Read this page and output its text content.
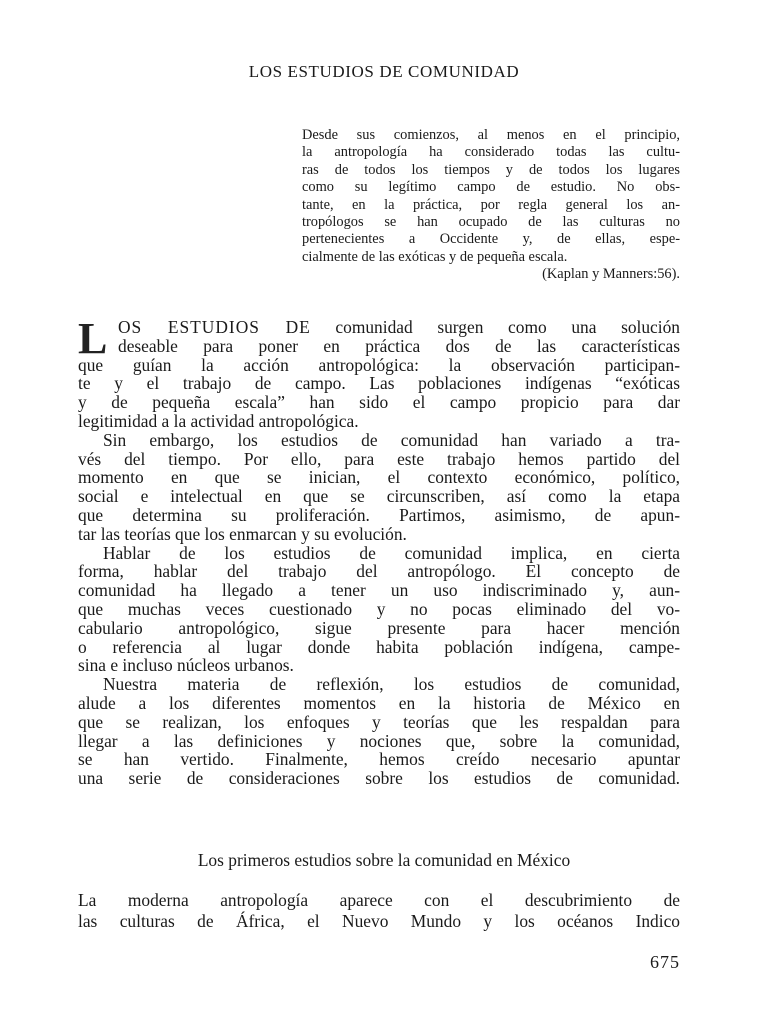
LOS ESTUDIOS DE COMUNIDAD
Desde sus comienzos, al menos en el principio,
la antropología ha considerado todas las cultu-
ras de todos los tiempos y de todos los lugares
como su legítimo campo de estudio. No obs-
tante, en la práctica, por regla general los an-
tropólogos se han ocupado de las culturas no
pertenecientes a Occidente y, de ellas, espe-
cialmente de las exóticas y de pequeña escala.
(Kaplan y Manners:56).
L OS ESTUDIOS DE comunidad surgen como una solución
deseable para poner en práctica dos de las características
que guían la acción antropológica: la observación participan-
te y el trabajo de campo. Las poblaciones indígenas “exóticas
y de pequeña escala” han sido el campo propicio para dar
legitimidad a la actividad antropológica.
Sin embargo, los estudios de comunidad han variado a tra-
vés del tiempo. Por ello, para este trabajo hemos partido del
momento en que se inician, el contexto económico, político,
social e intelectual en que se circunscriben, así como la etapa
que determina su proliferación. Partimos, asimismo, de apun-
tar las teorías que los enmarcan y su evolución.
Hablar de los estudios de comunidad implica, en cierta
forma, hablar del trabajo del antropólogo. El concepto de
comunidad ha llegado a tener un uso indiscriminado y, aun-
que muchas veces cuestionado y no pocas eliminado del vo-
cabulario antropológico, sigue presente para hacer mención
o referencia al lugar donde habita población indígena, campe-
sina e incluso núcleos urbanos.
Nuestra materia de reflexión, los estudios de comunidad,
alude a los diferentes momentos en la historia de México en
que se realizan, los enfoques y teorías que les respaldan para
llegar a las definiciones y nociones que, sobre la comunidad,
se han vertido. Finalmente, hemos creído necesario apuntar
una serie de consideraciones sobre los estudios de comunidad.
Los primeros estudios sobre la comunidad en México
La moderna antropología aparece con el descubrimiento de
las culturas de África, el Nuevo Mundo y los océanos Indico
675
